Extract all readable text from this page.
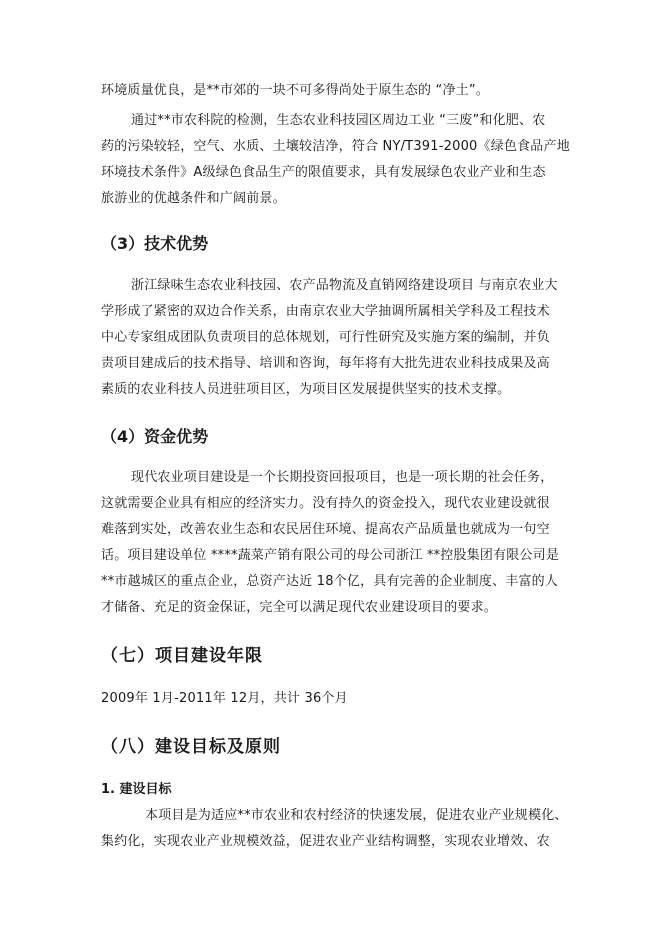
环境质量优良，是**市郊的一块不可多得尚处于原生态的 “净土”。
通过**市农科院的检测，生态农业科技园区周边工业 “三废”和化肥、农
药的污染较轻，空气、水质、土壤较洁净，符合 NY/T391-2000《绿色食品产地
环境技术条件》A级绿色食品生产的限值要求，具有发展绿色农业产业和生态
旅游业的优越条件和广阔前景。
（3）技术优势
浙江绿味生态农业科技园、农产品物流及直销网络建设项目 与南京农业大
学形成了紧密的双边合作关系，由南京农业大学抽调所属相关学科及工程技术
中心专家组成团队负责项目的总体规划，可行性研究及实施方案的编制，并负
责项目建成后的技术指导、培训和咨询，每年将有大批先进农业科技成果及高
素质的农业科技人员进驻项目区，为项目区发展提供坚实的技术支撑。
（4）资金优势
现代农业项目建设是一个长期投资回报项目，也是一项长期的社会任务，
这就需要企业具有相应的经济实力。没有持久的资金投入，现代农业建设就很
难落到实处，改善农业生态和农民居住环境、提高农产品质量也就成为一句空
话。项目建设单位 ****蔬菜产销有限公司的母公司浙江 **控股集团有限公司是
**市越城区的重点企业，总资产达近 18个亿，具有完善的企业制度、丰富的人
才储备、充足的资金保证，完全可以满足现代农业建设项目的要求。
（七）项目建设年限
2009年 1月-2011年 12月，共计 36个月
（八）建设目标及原则
1. 建设目标
本项目是为适应**市农业和农村经济的快速发展，促进农业产业规模化、
集约化，实现农业产业规模效益，促进农业产业结构调整，实现农业增效、农
